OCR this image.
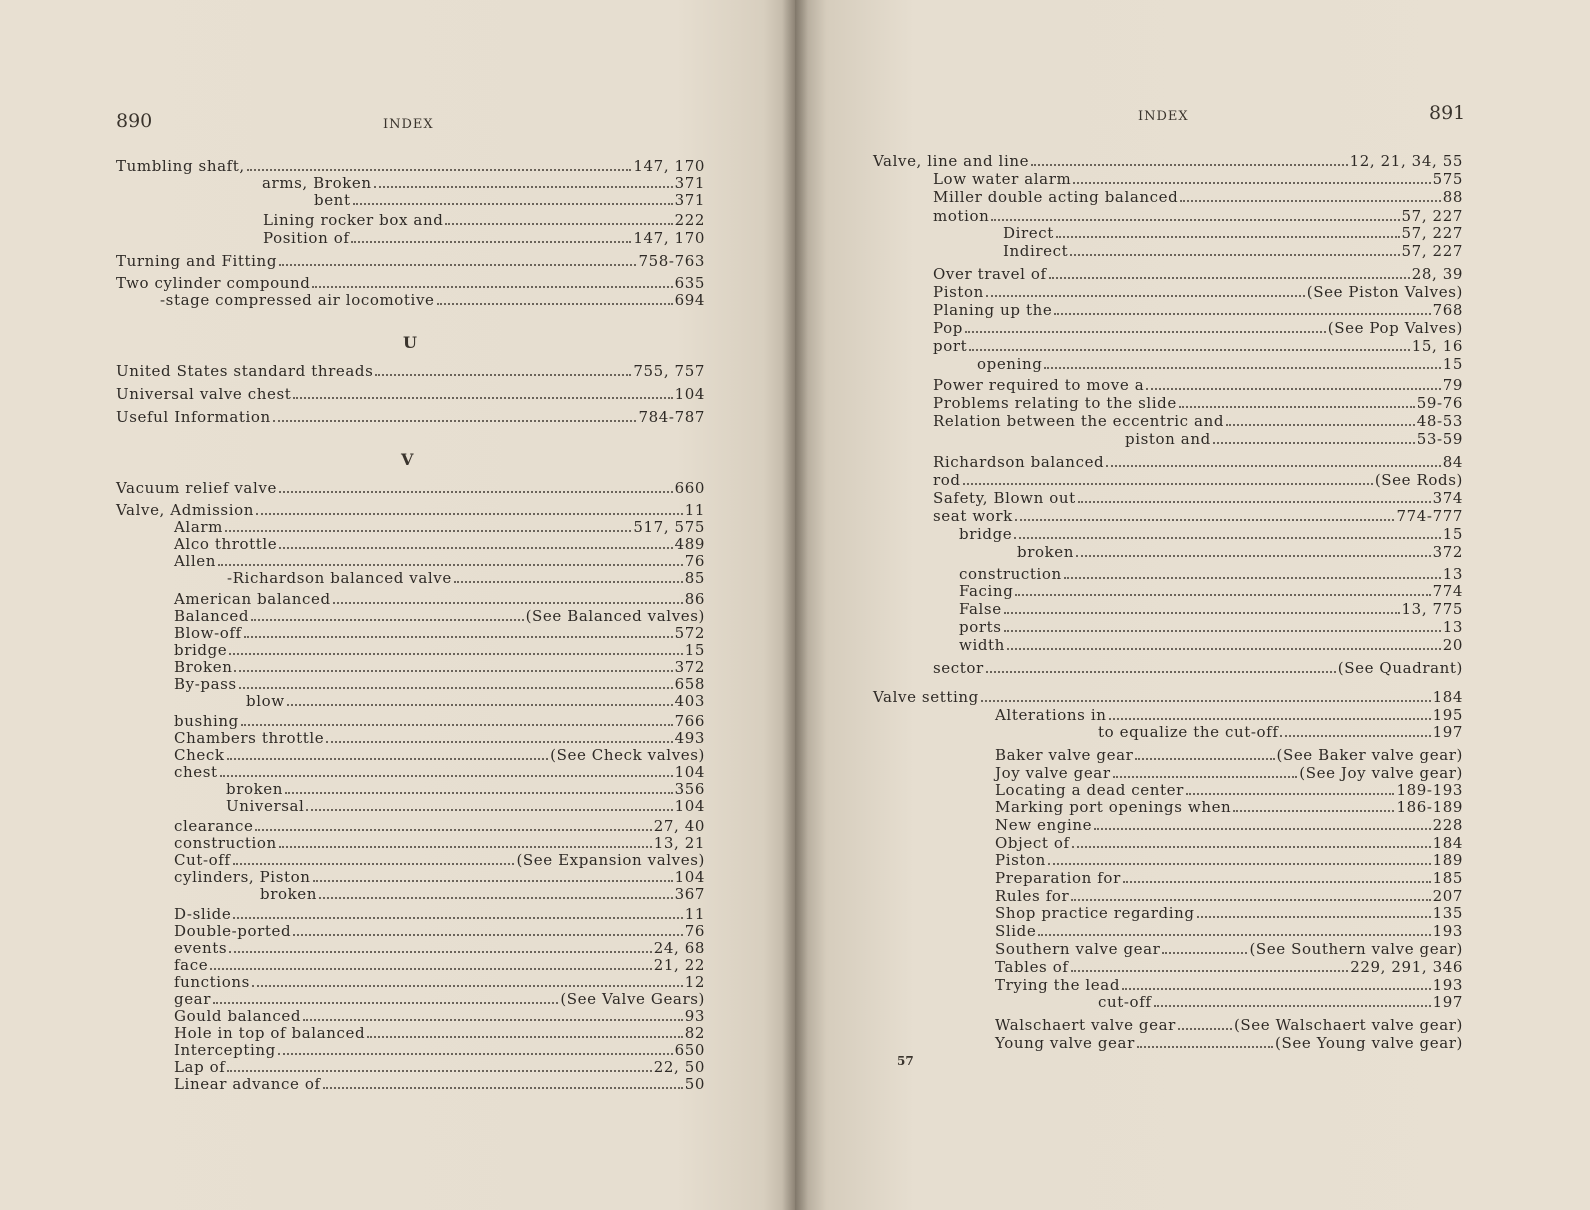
890	INDEX
U
V
Tumbling shaft,	147, 170
arms, Broken	371
bent	371
Lining rocker box and	222
Position of	147, 170
Turning and Fitting	758-763
Two cylinder compound	635
-stage compressed air locomotive	694
United States standard threads	755, 757
Universal valve chest	104
Useful Information	784-787
Vacuum relief valve	660
Valve, Admission	11
Alarm	517, 575
Alco throttle	489
Allen	76
-Richardson balanced valve	85
American balanced	86
Balanced	(See Balanced valves)
Blow-off	572
bridge	15
Broken	372
By-pass	658
blow	403
bushing	766
Chambers throttle	493
Check	(See Check valves)
chest	104
broken	356
Universal	104
clearance	27, 40
construction	13, 21
Cut-off	(See Expansion valves)
cylinders, Piston	104
broken	367
D-slide	11
Double-ported	76
events	24, 68
face	21, 22
functions	12
gear	(See Valve Gears)
Gould balanced	93
Hole in top of balanced	82
Intercepting	650
Lap of	22, 50
Linear advance of	50
INDEX	891
57
Valve, line and line	12, 21, 34, 55
Low water alarm	575
Miller double acting balanced	88
motion	57, 227
Direct	57, 227
Indirect	57, 227
Over travel of	28, 39
Piston	(See Piston Valves)
Planing up the	768
Pop	(See Pop Valves)
port	15, 16
opening	15
Power required to move a	79
Problems relating to the slide	59-76
Relation between the eccentric and	48-53
piston and	53-59
Richardson balanced	84
rod	(See Rods)
Safety, Blown out	374
seat work	774-777
bridge	15
broken	372
construction	13
Facing	774
False	13, 775
ports	13
width	20
sector	(See Quadrant)
Valve setting	184
Alterations in	195
to equalize the cut-off	197
Baker valve gear	(See Baker valve gear)
Joy valve gear	(See Joy valve gear)
Locating a dead center	189-193
Marking port openings when	186-189
New engine	228
Object of	184
Piston	189
Preparation for	185
Rules for	207
Shop practice regarding	135
Slide	193
Southern valve gear	(See Southern valve gear)
Tables of	229, 291, 346
Trying the lead	193
cut-off	197
Walschaert valve gear	(See Walschaert valve gear)
Young valve gear	(See Young valve gear)
